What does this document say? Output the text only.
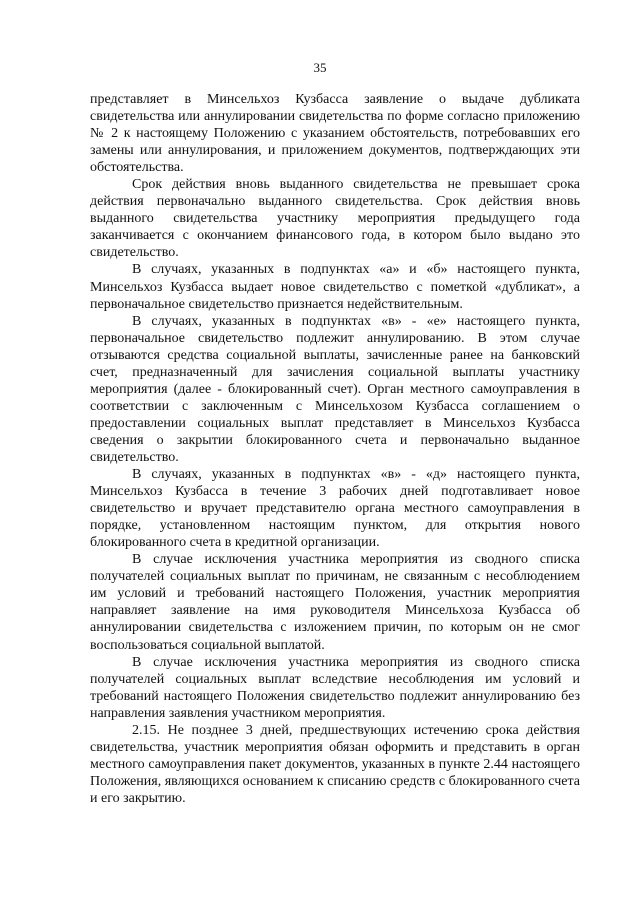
35

представляет в Минсельхоз Кузбасса заявление о выдаче дубликата свидетельства или аннулировании свидетельства по форме согласно приложению № 2 к настоящему Положению с указанием обстоятельств, потребовавших его замены или аннулирования, и приложением документов, подтверждающих эти обстоятельства.

Срок действия вновь выданного свидетельства не превышает срока действия первоначально выданного свидетельства. Срок действия вновь выданного свидетельства участнику мероприятия предыдущего года заканчивается с окончанием финансового года, в котором было выдано это свидетельство.

В случаях, указанных в подпунктах «а» и «б» настоящего пункта, Минсельхоз Кузбасса выдает новое свидетельство с пометкой «дубликат», а первоначальное свидетельство признается недействительным.

В случаях, указанных в подпунктах «в» - «е» настоящего пункта, первоначальное свидетельство подлежит аннулированию. В этом случае отзываются средства социальной выплаты, зачисленные ранее на банковский счет, предназначенный для зачисления социальной выплаты участнику мероприятия (далее - блокированный счет). Орган местного самоуправления в соответствии с заключенным с Минсельхозом Кузбасса соглашением о предоставлении социальных выплат представляет в Минсельхоз Кузбасса сведения о закрытии блокированного счета и первоначально выданное свидетельство.

В случаях, указанных в подпунктах «в» - «д» настоящего пункта, Минсельхоз Кузбасса в течение 3 рабочих дней подготавливает новое свидетельство и вручает представителю органа местного самоуправления в порядке, установленном настоящим пунктом, для открытия нового блокированного счета в кредитной организации.

В случае исключения участника мероприятия из сводного списка получателей социальных выплат по причинам, не связанным с несоблюдением им условий и требований настоящего Положения, участник мероприятия направляет заявление на имя руководителя Минсельхоза Кузбасса об аннулировании свидетельства с изложением причин, по которым он не смог воспользоваться социальной выплатой.

В случае исключения участника мероприятия из сводного списка получателей социальных выплат вследствие несоблюдения им условий и требований настоящего Положения свидетельство подлежит аннулированию без направления заявления участником мероприятия.

2.15. Не позднее 3 дней, предшествующих истечению срока действия свидетельства, участник мероприятия обязан оформить и представить в орган местного самоуправления пакет документов, указанных в пункте 2.44 настоящего Положения, являющихся основанием к списанию средств с блокированного счета и его закрытию.
